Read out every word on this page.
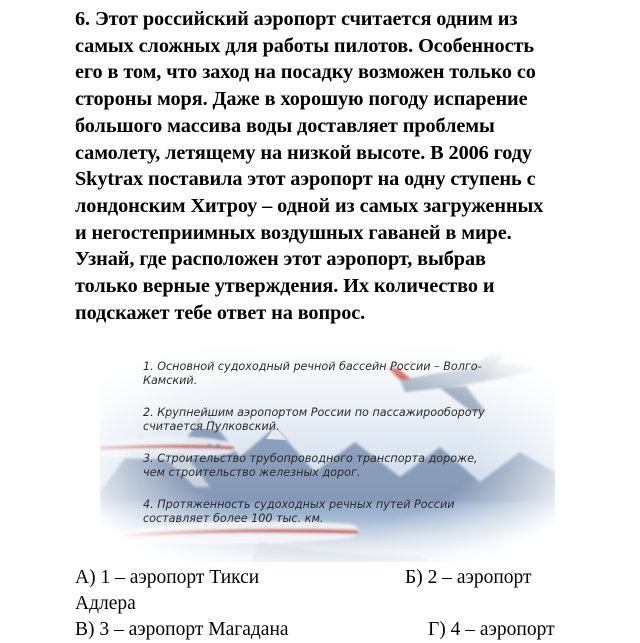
6. Этот российский аэропорт считается одним из
самых сложных для работы пилотов. Особенность
его в том, что заход на посадку возможен только со
стороны моря. Даже в хорошую погоду испарение
большого массива воды доставляет проблемы
самолету, летящему на низкой высоте. В 2006 году
Skytrax поставила этот аэропорт на одну ступень с
лондонским Хитроу – одной из самых загруженных
и негостеприимных воздушных гаваней в мире.
Узнай, где расположен этот аэропорт, выбрав
только верные утверждения. Их количество и
подскажет тебе ответ на вопрос.
1. Основной судоходный речной бассейн России – Волго-
Камский.
2. Крупнейшим аэропортом России по пассажирообороту
считается Пулковский.
3. Строительство трубопроводного транспорта дороже,
чем строительство железных дорог.
4. Протяженность судоходных речных путей России
составляет более 100 тыс. км.
А) 1 – аэропорт Тикси	Б) 2 – аэропорт
Адлера
В) 3 – аэропорт Магадана	Г) 4 – аэропорт
